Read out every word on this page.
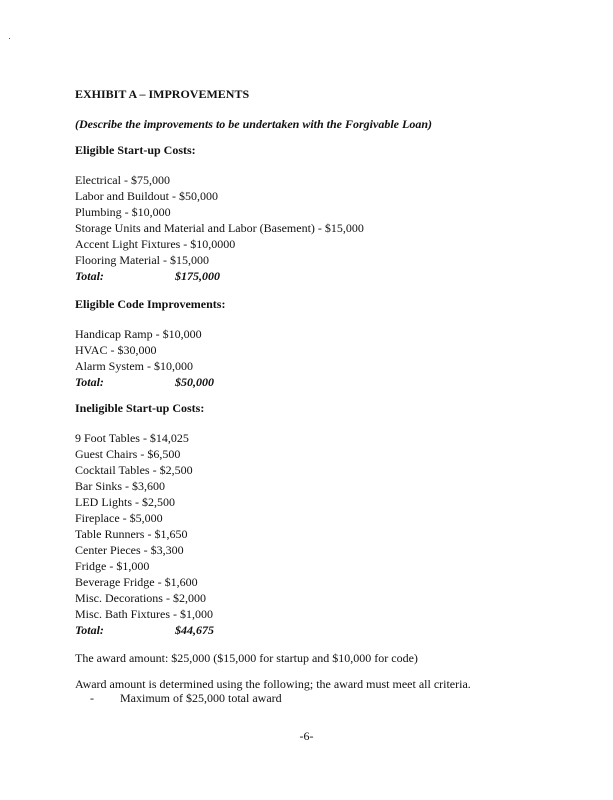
EXHIBIT A – IMPROVEMENTS
(Describe the improvements to be undertaken with the Forgivable Loan)
Eligible Start-up Costs:
Electrical - $75,000
Labor and Buildout - $50,000
Plumbing - $10,000
Storage Units and Material and Labor (Basement) - $15,000
Accent Light Fixtures - $10,0000
Flooring Material - $15,000
Total:	$175,000
Eligible Code Improvements:
Handicap Ramp - $10,000
HVAC - $30,000
Alarm System - $10,000
Total:	$50,000
Ineligible Start-up Costs:
9 Foot Tables - $14,025
Guest Chairs - $6,500
Cocktail Tables - $2,500
Bar Sinks - $3,600
LED Lights - $2,500
Fireplace - $5,000
Table Runners - $1,650
Center Pieces - $3,300
Fridge - $1,000
Beverage Fridge - $1,600
Misc. Decorations - $2,000
Misc. Bath Fixtures - $1,000
Total:	$44,675
The award amount: $25,000 ($15,000 for startup and $10,000 for code)
Award amount is determined using the following; the award must meet all criteria.
- Maximum of $25,000 total award
-6-
